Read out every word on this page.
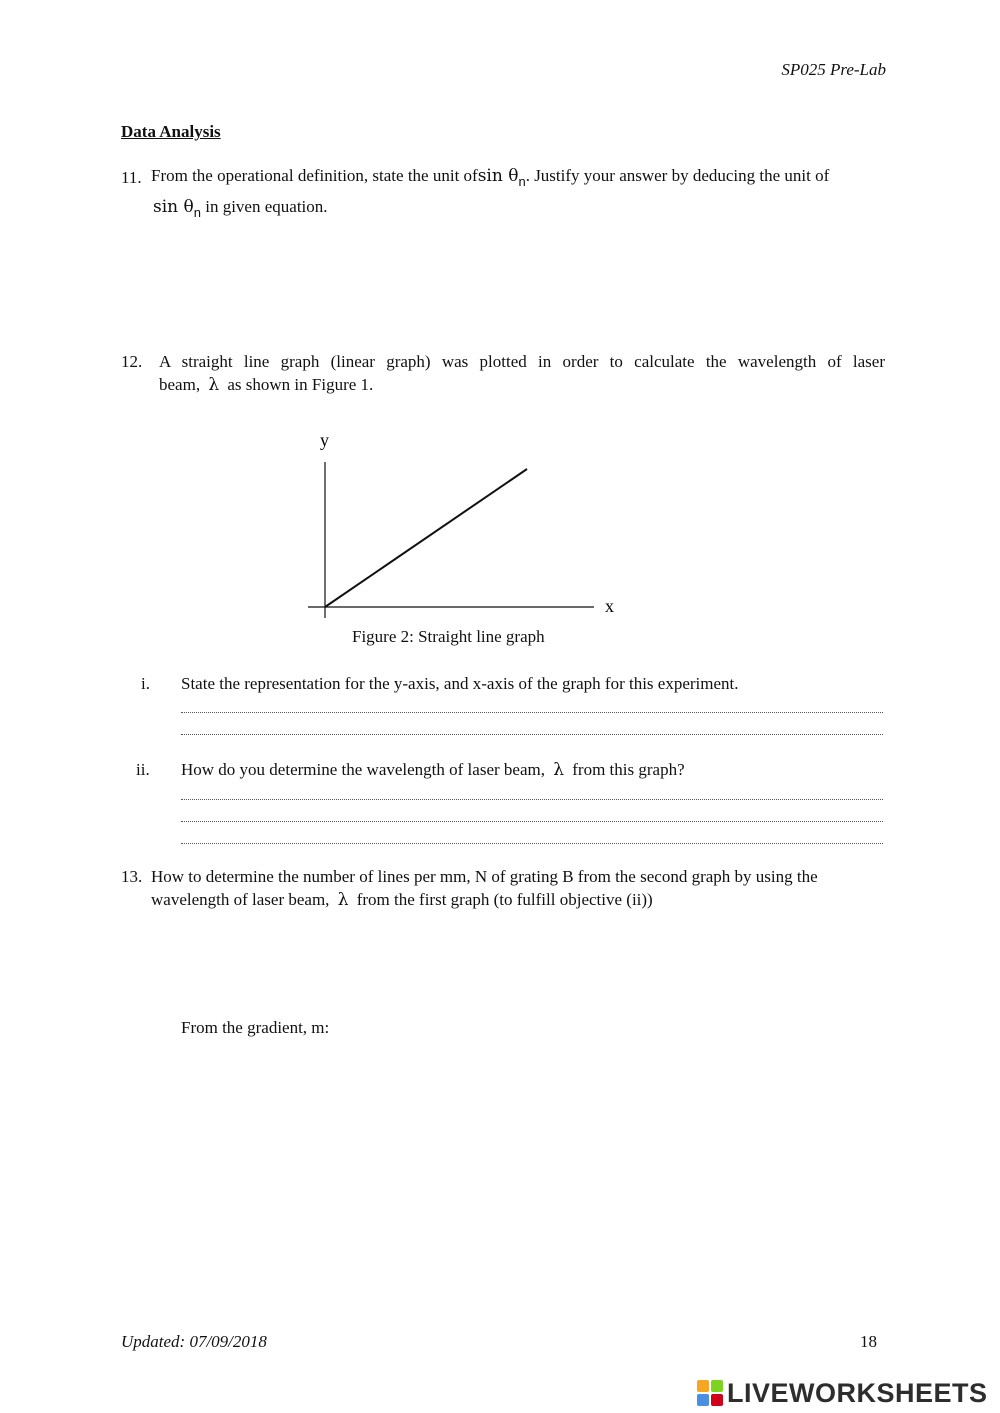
SP025 Pre-Lab
Data Analysis
11. From the operational definition, state the unit ofsin $\theta_n$. Justify your answer by deducing the unit of
$\sin \theta_n$ in given equation.
12. A straight line graph (linear graph) was plotted in order to calculate the wavelength of laser
beam, λ as shown in Figure 1.
y
x
Figure 2: Straight line graph
i. State the representation for the y-axis, and x-axis of the graph for this experiment.
ii. How do you determine the wavelength of laser beam, λ from this graph?
13. How to determine the number of lines per mm, N of grating B from the second graph by using the
wavelength of laser beam, λ from the first graph (to fulfill objective (ii))
From the gradient, m:
Updated: 07/09/2018	18
LIVEWORKSHEETS
